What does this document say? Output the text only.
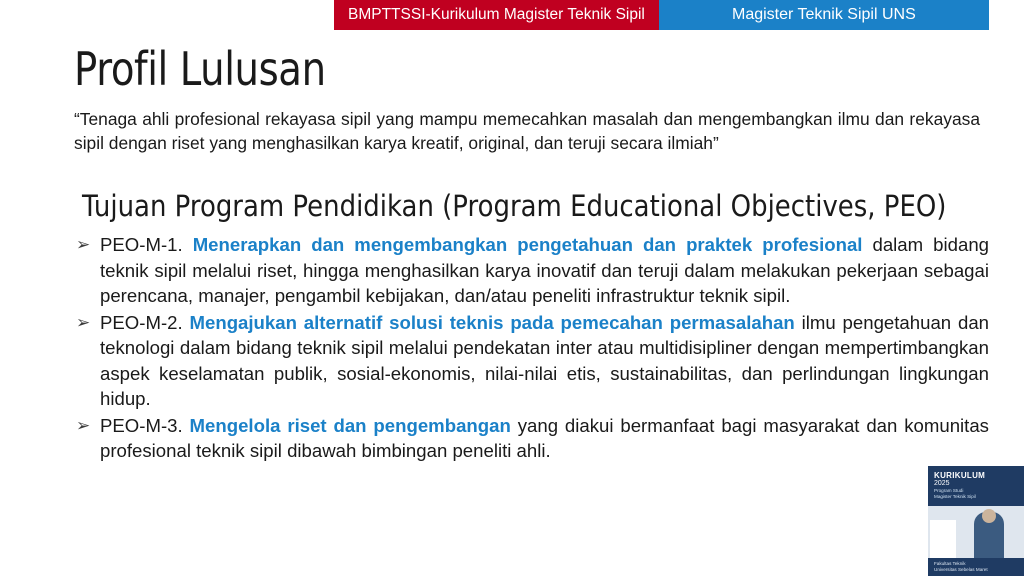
BMPTTSSI-Kurikulum Magister Teknik Sipil	Magister Teknik Sipil UNS
Profil Lulusan
“Tenaga ahli profesional rekayasa sipil yang mampu memecahkan masalah dan mengembangkan ilmu dan rekayasa sipil dengan riset yang menghasilkan karya kreatif, original, dan teruji secara ilmiah”
Tujuan Program Pendidikan (Program Educational Objectives, PEO)
➢ PEO-M-1. Menerapkan dan mengembangkan pengetahuan dan praktek profesional dalam bidang teknik sipil melalui riset, hingga menghasilkan karya inovatif dan teruji dalam melakukan pekerjaan sebagai perencana, manajer, pengambil kebijakan, dan/atau peneliti infrastruktur teknik sipil.
➢ PEO-M-2. Mengajukan alternatif solusi teknis pada pemecahan permasalahan ilmu pengetahuan dan teknologi dalam bidang teknik sipil melalui pendekatan inter atau multidisipliner dengan mempertimbangkan aspek keselamatan publik, sosial-ekonomis, nilai-nilai etis, sustainabilitas, dan perlindungan lingkungan hidup.
➢ PEO-M-3. Mengelola riset dan pengembangan yang diakui bermanfaat bagi masyarakat dan komunitas profesional teknik sipil dibawah bimbingan peneliti ahli.
KURIKULUM
2025
Program Studi
Magister Teknik Sipil
Fakultas Teknik
Universitas Sebelas Maret
